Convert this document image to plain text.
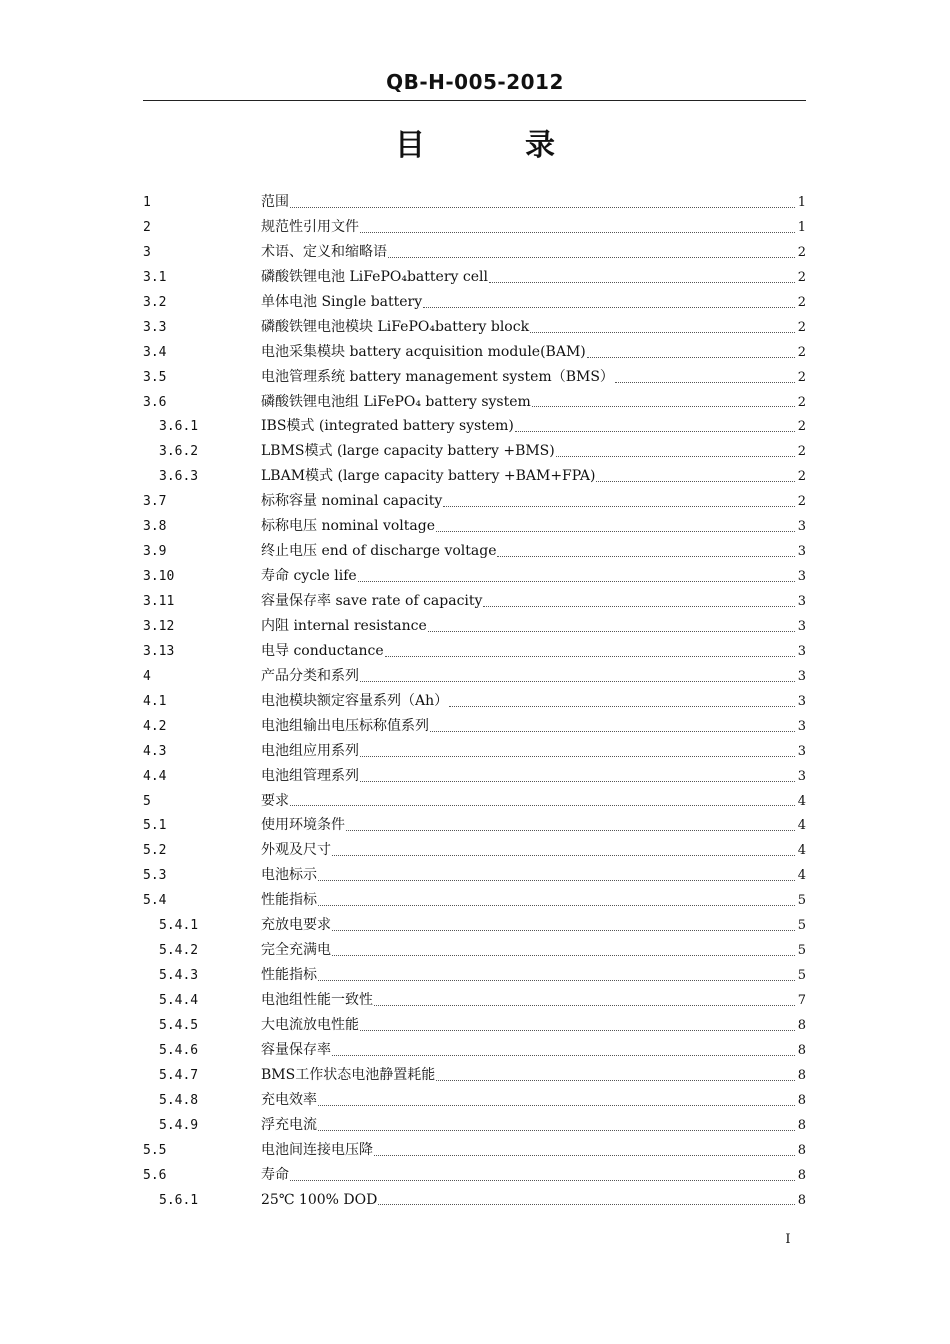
QB-H-005-2012
目	录
1	范围	1
2	规范性引用文件	1
3	术语、定义和缩略语	2
3.1	磷酸铁锂电池 LiFePO₄battery cell	2
3.2	单体电池 Single battery	2
3.3	磷酸铁锂电池模块 LiFePO₄battery block	2
3.4	电池采集模块 battery acquisition module(BAM)	2
3.5	电池管理系统 battery management system（BMS）	2
3.6	磷酸铁锂电池组 LiFePO₄ battery system	2
3.6.1	IBS模式 (integrated battery system)	2
3.6.2	LBMS模式 (large capacity battery +BMS)	2
3.6.3	LBAM模式 (large capacity battery +BAM+FPA)	2
3.7	标称容量 nominal capacity	2
3.8	标称电压 nominal voltage	3
3.9	终止电压 end of discharge voltage	3
3.10	寿命 cycle life	3
3.11	容量保存率 save rate of capacity	3
3.12	内阻 internal resistance	3
3.13	电导 conductance	3
4	产品分类和系列	3
4.1	电池模块额定容量系列（Ah）	3
4.2	电池组输出电压标称值系列	3
4.3	电池组应用系列	3
4.4	电池组管理系列	3
5	要求	4
5.1	使用环境条件	4
5.2	外观及尺寸	4
5.3	电池标示	4
5.4	性能指标	5
5.4.1	充放电要求	5
5.4.2	完全充满电	5
5.4.3	性能指标	5
5.4.4	电池组性能一致性	7
5.4.5	大电流放电性能	8
5.4.6	容量保存率	8
5.4.7	BMS工作状态电池静置耗能	8
5.4.8	充电效率	8
5.4.9	浮充电流	8
5.5	电池间连接电压降	8
5.6	寿命	8
5.6.1	25℃ 100% DOD	8
I
